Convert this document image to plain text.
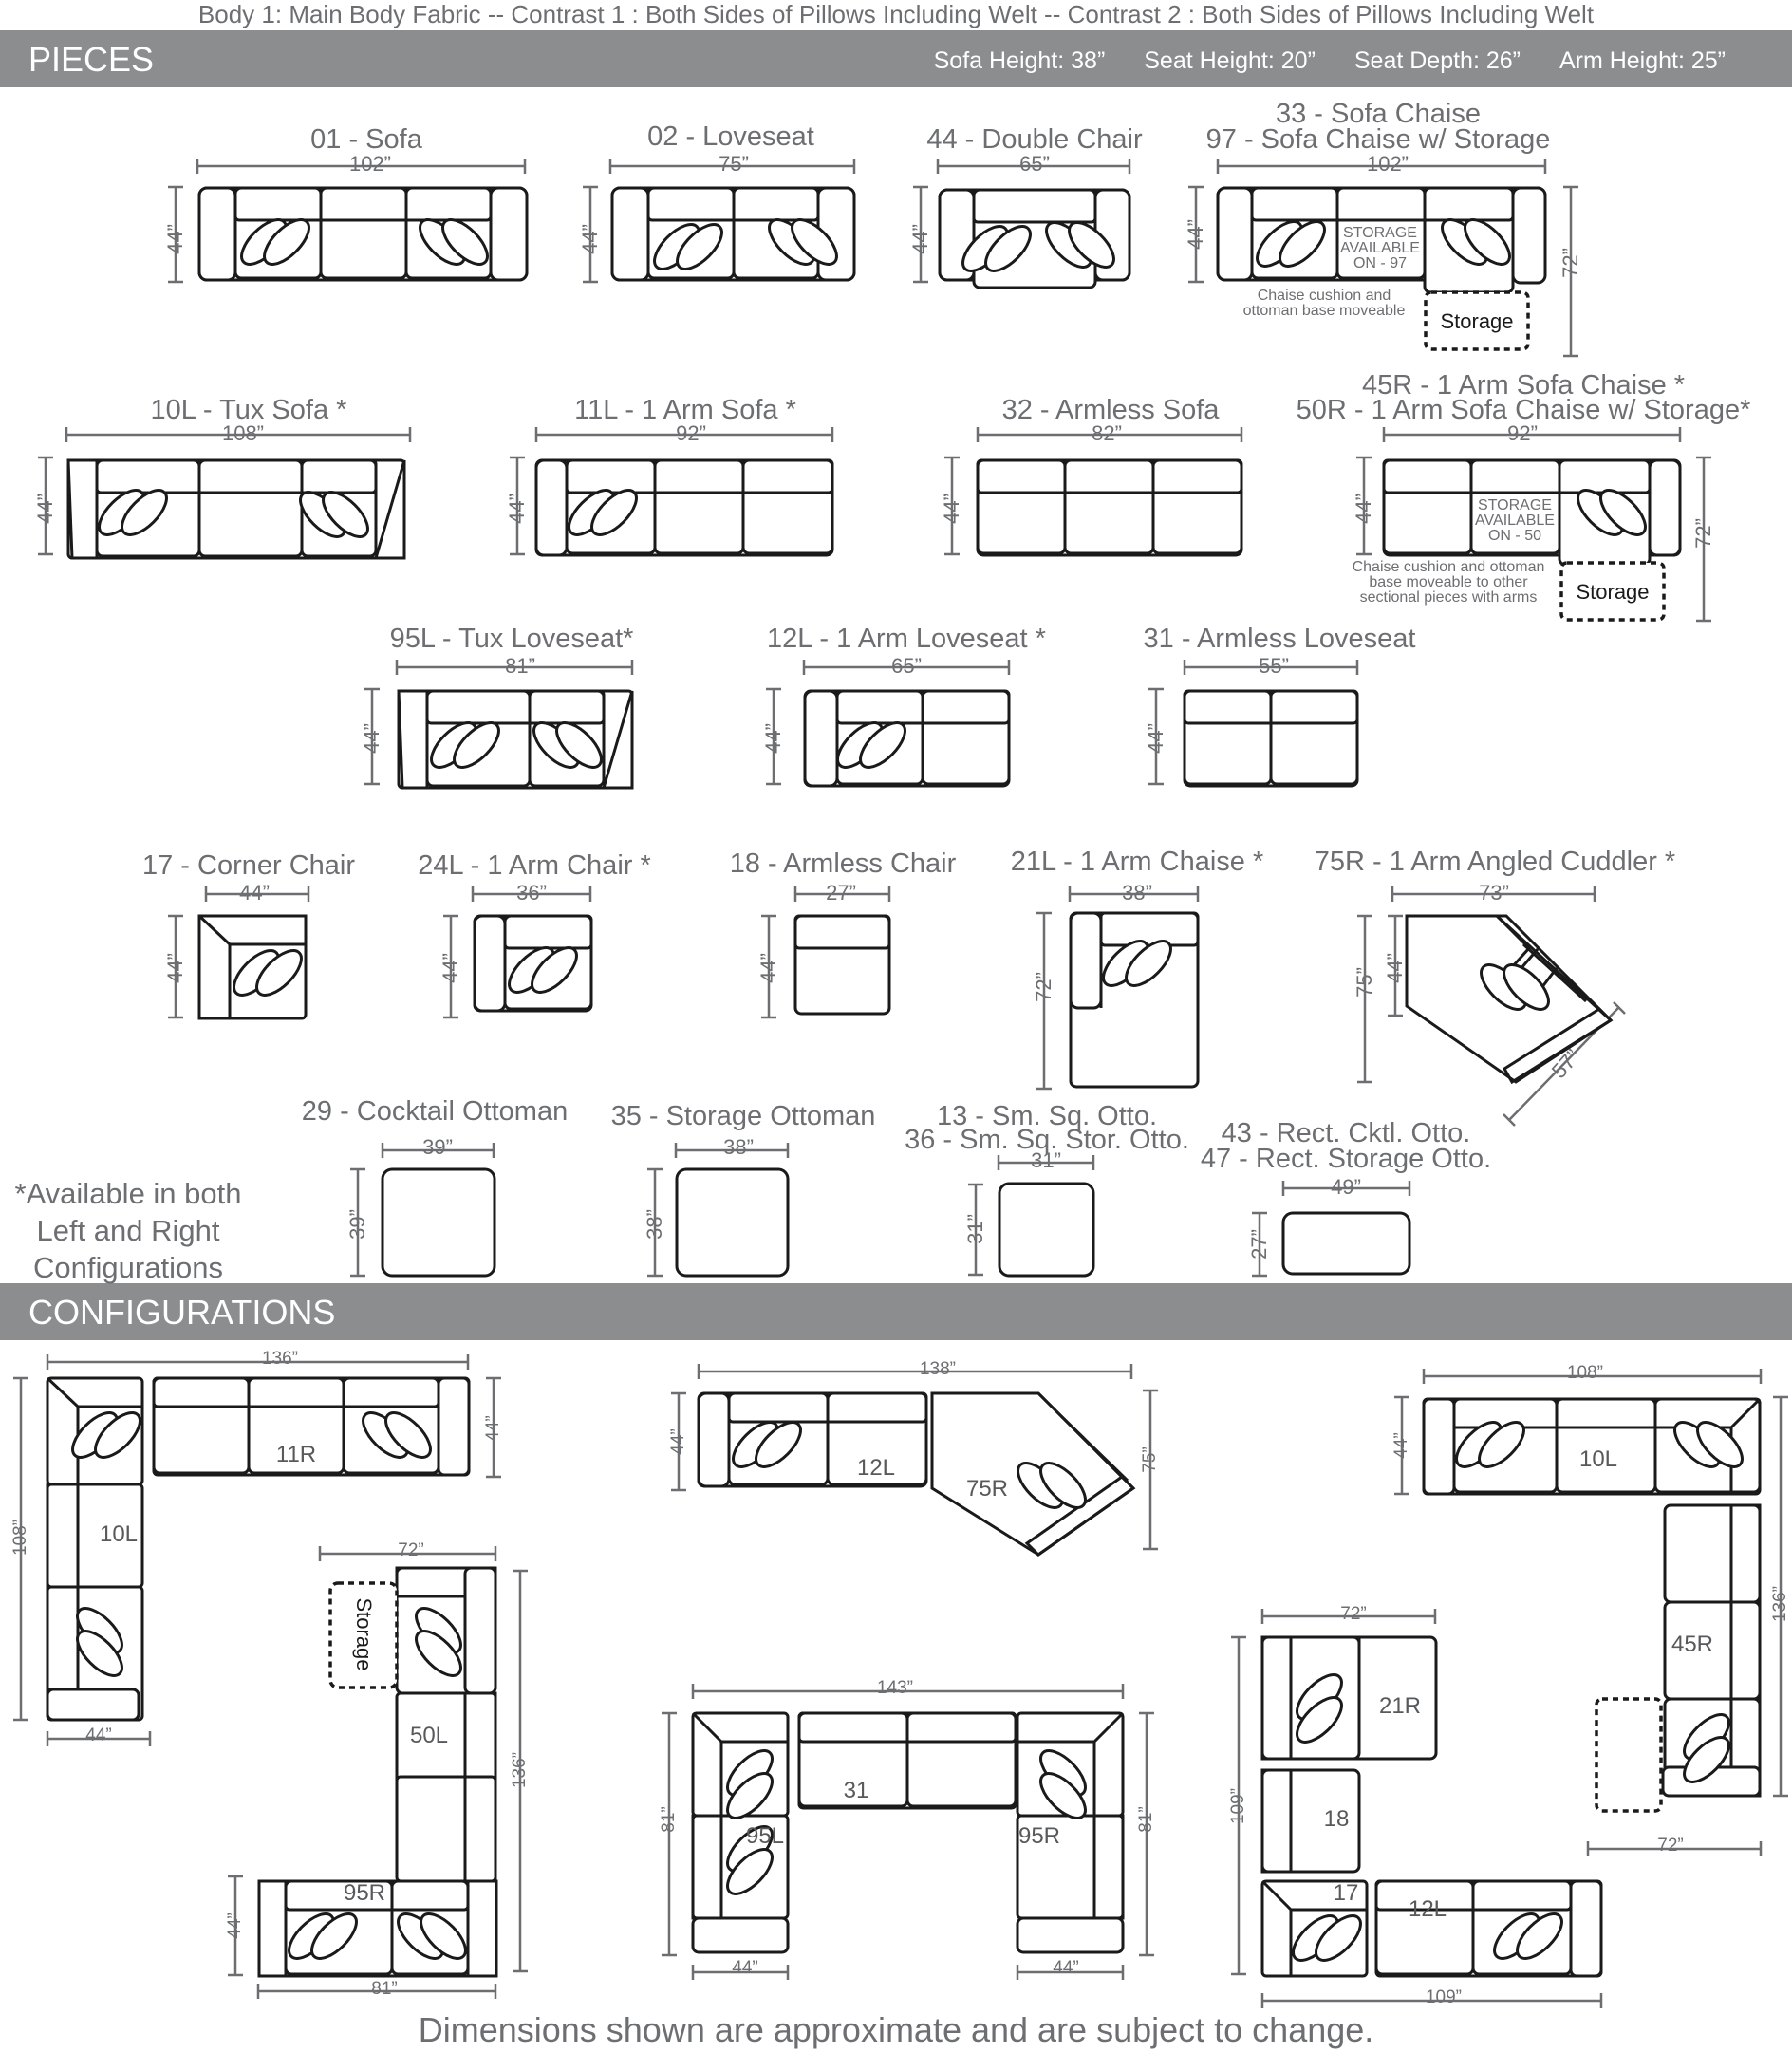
Body 1: Main Body Fabric -- Contrast 1 : Both Sides of Pillows Including Welt -- Contrast 2 : Both Sides of Pillows Including Welt
PIECES	Sofa Height: 38” Seat Height: 20” Seat Depth: 26” Arm Height: 25”
CONFIGURATIONS
01 - Sofa
102”
44”
02 - Loveseat
75”
44”
44 - Double Chair
65”
44”
33 - Sofa Chaise
97 - Sofa Chaise w/ Storage
102”
44”
72”
STORAGE
AVAILABLE
ON - 97
Chaise cushion and
ottoman base moveable Storage
10L - Tux Sofa *
108”
44”
11L - 1 Arm Sofa *
92”
44”
32 - Armless Sofa
82”
44”
45R - 1 Arm Sofa Chaise *
50R - 1 Arm Sofa Chaise w/ Storage*
92”
44”
72”
STORAGE
AVAILABLE
ON - 50
Chaise cushion and ottoman
base moveable to other
sectional pieces with arms	Storage
95L - Tux Loveseat*
81”
44”
12L - 1 Arm Loveseat *
65”
44”
31 - Armless Loveseat
55”
44”
17 - Corner Chair
44”
44”
24L - 1 Arm Chair *
36”
44”
18 - Armless Chair
27”
44”
21L - 1 Arm Chaise *
38”
72”
75R - 1 Arm Angled Cuddler *
73”
75” 44”
57”
29 - Cocktail Ottoman
39”
39”
35 - Storage Ottoman
38”
38”
13 - Sm. Sq. Otto.
36 - Sm. Sq. Stor. Otto.
31”
31”
43 - Rect. Cktl. Otto.
47 - Rect. Storage Otto.
49”
27”
*Available in both
Left and Right
Configurations
136”
108”
44”
44”
11R
10L
72”
136”
44”
81”
50L
95R
Storage
138”
44”
75”
12L
75R
143”
81”	81”
44”	44”
31
95L	95R
72”
109”
109”
21R
18
17
12L
108”
44”
136”
72”
10L
45R
Dimensions shown are approximate and are subject to change.
